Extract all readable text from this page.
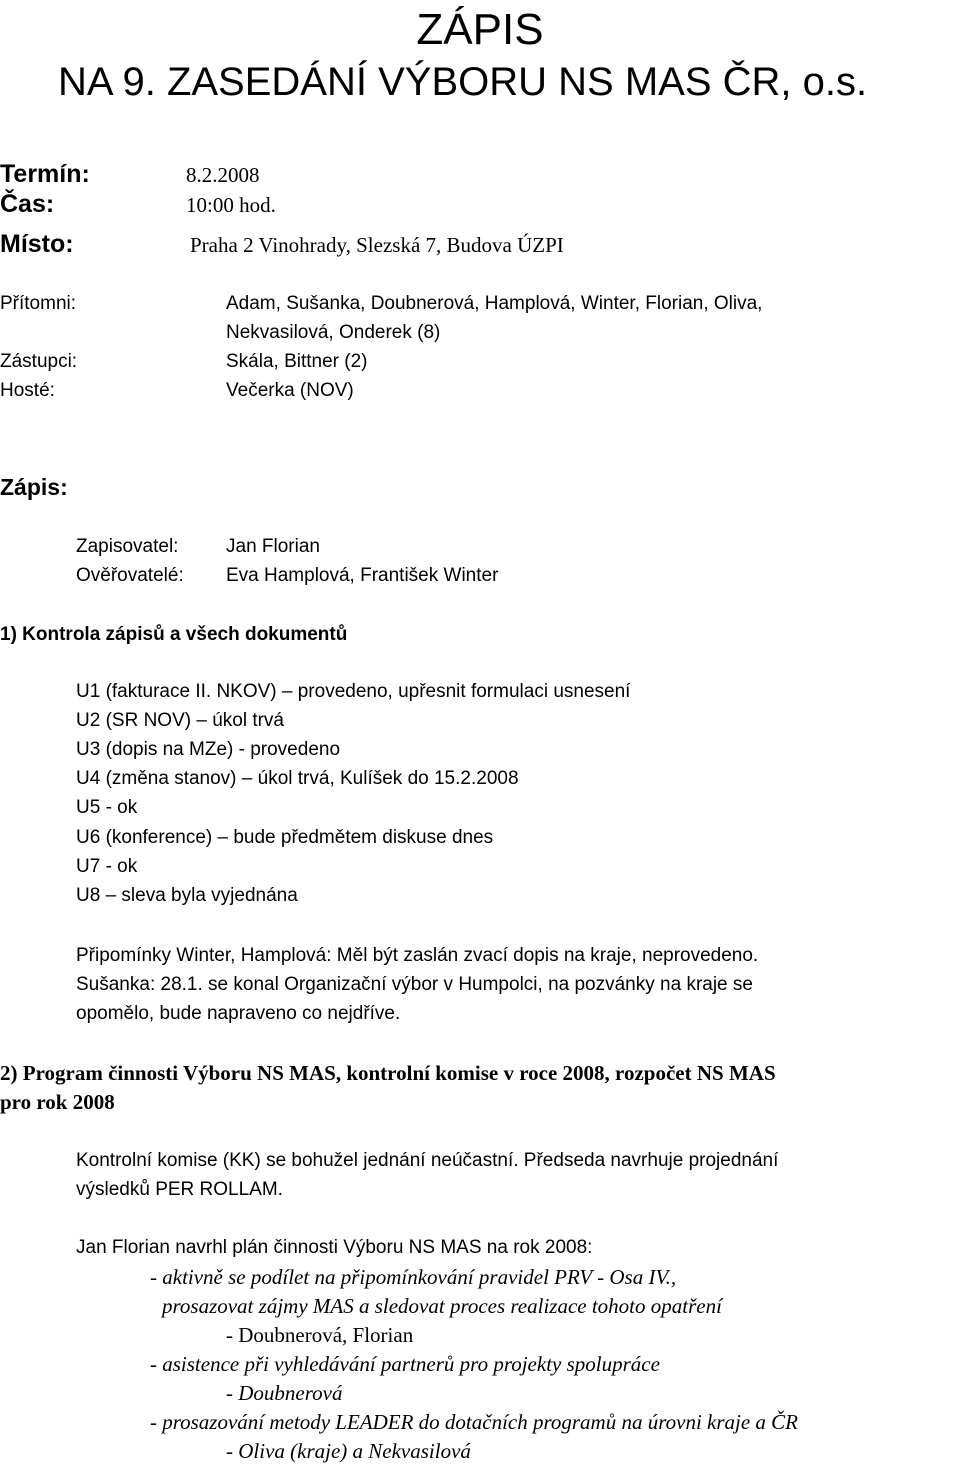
ZÁPIS
NA 9. ZASEDÁNÍ VÝBORU NS MAS ČR, o.s.
Termín:	8.2.2008
Čas:	10:00 hod.
Místo:	Praha 2 Vinohrady, Slezská 7, Budova ÚZPI
Přítomni:	Adam, Sušanka, Doubnerová, Hamplová, Winter, Florian, Oliva,
Nekvasilová, Onderek (8)
Zástupci:	Skála, Bittner (2)
Hosté:	Večerka (NOV)
Zápis:
Zapisovatel:	Jan Florian
Ověřovatelé: Eva Hamplová, František Winter
1) Kontrola zápisů a všech dokumentů
U1 (fakturace II. NKOV) – provedeno, upřesnit formulaci usnesení
U2 (SR NOV) – úkol trvá
U3 (dopis na MZe) - provedeno
U4 (změna stanov) – úkol trvá, Kulíšek do 15.2.2008
U5 - ok
U6 (konference) – bude předmětem diskuse dnes
U7 - ok
U8 – sleva byla vyjednána
Připomínky Winter, Hamplová: Měl být zaslán zvací dopis na kraje, neprovedeno.
Sušanka: 28.1. se konal Organizační výbor v Humpolci, na pozvánky na kraje se
opomělo, bude napraveno co nejdříve.
2) Program činnosti Výboru NS MAS, kontrolní komise v roce 2008, rozpočet NS MAS
pro rok 2008
Kontrolní komise (KK) se bohužel jednání neúčastní. Předseda navrhuje projednání
výsledků PER ROLLAM.
Jan Florian navrhl plán činnosti Výboru NS MAS na rok 2008:
- aktivně se podílet na připomínkování pravidel PRV - Osa IV.,
prosazovat zájmy MAS a sledovat proces realizace tohoto opatření
- Doubnerová, Florian
- asistence při vyhledávání partnerů pro projekty spolupráce
- Doubnerová
- prosazování metody LEADER do dotačních programů na úrovni kraje a ČR
- Oliva (kraje) a Nekvasilová
